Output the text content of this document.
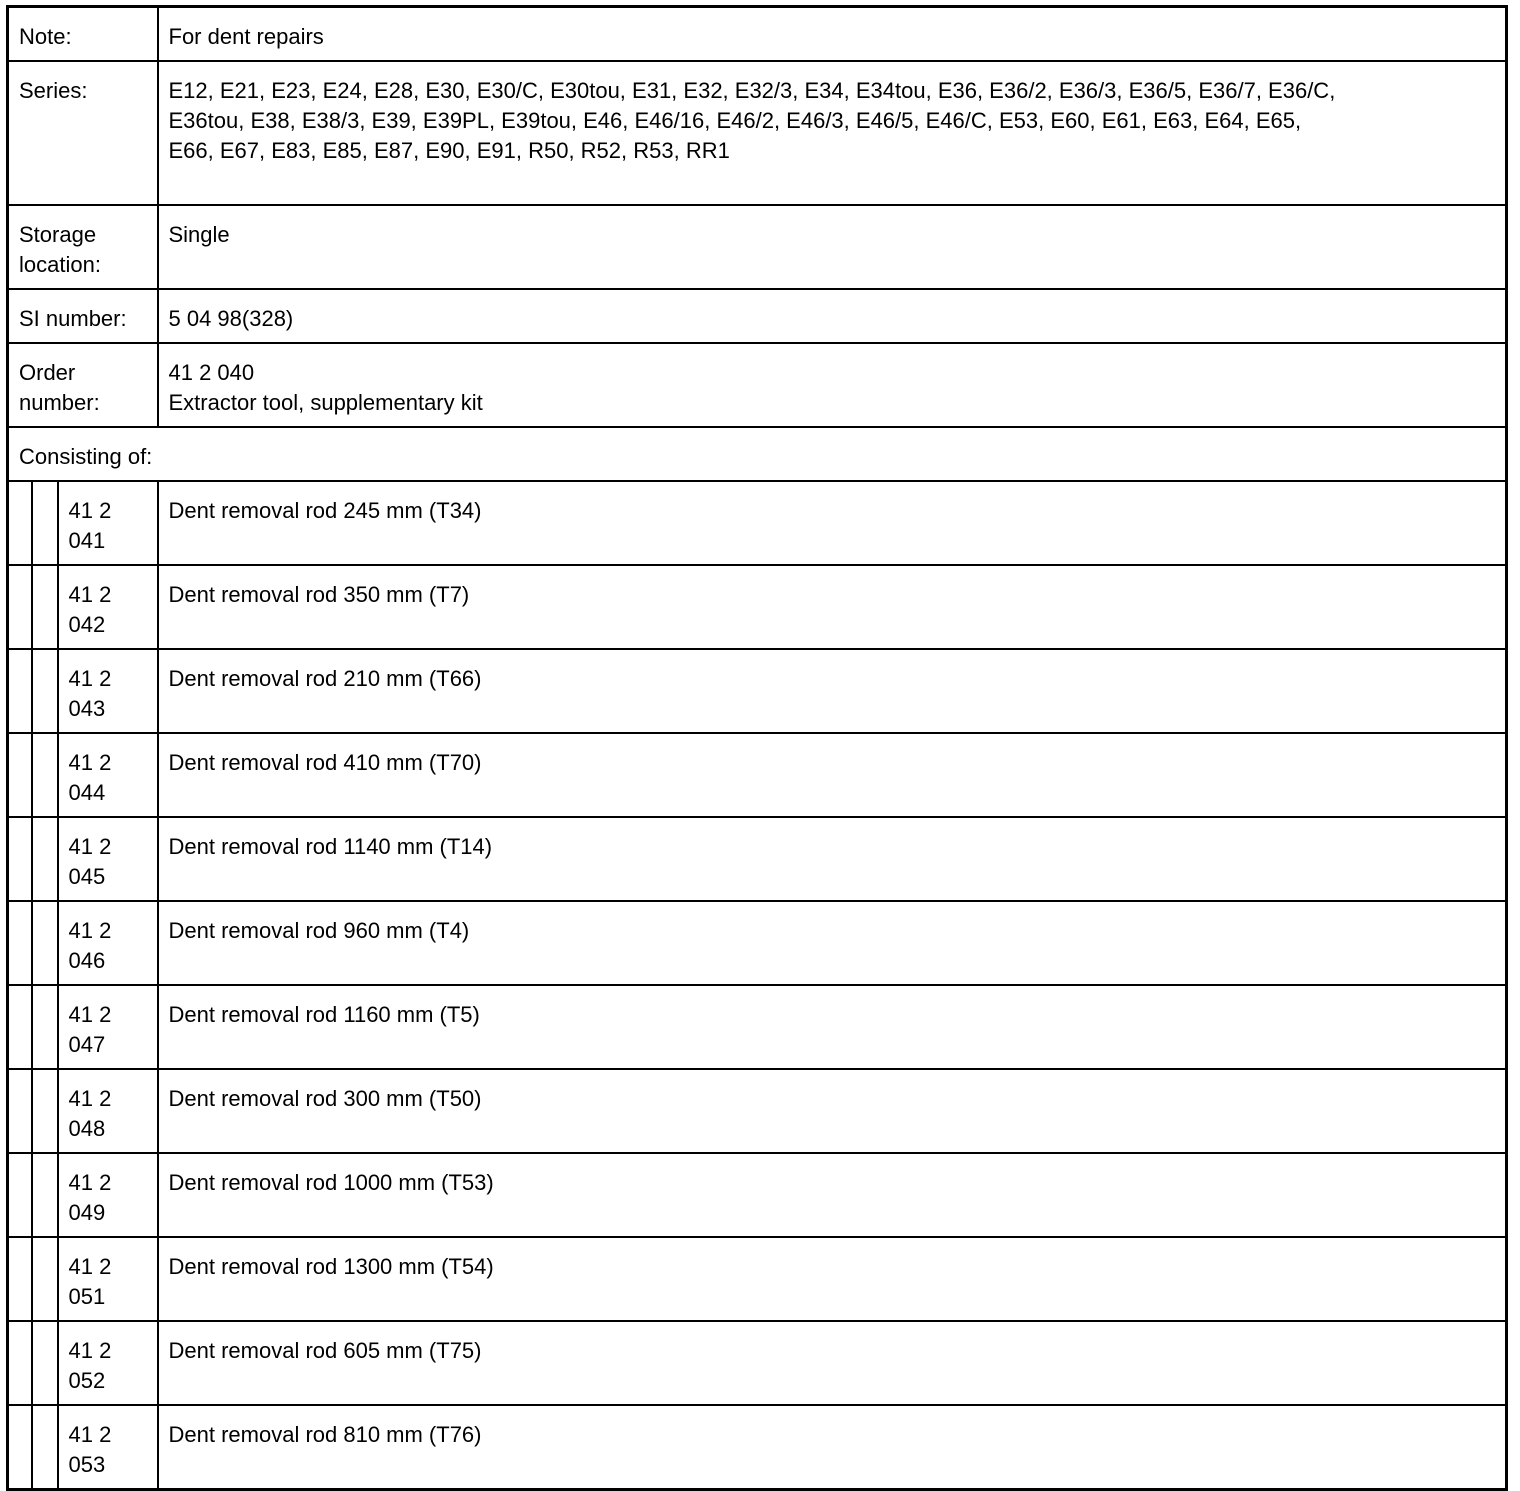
Note:			For dent repairs
Series:			E12, E21, E23, E24, E28, E30, E30/C, E30tou, E31, E32, E32/3, E34, E34tou, E36, E36/2, E36/3, E36/5, E36/7, E36/C,
E36tou, E38, E38/3, E39, E39PL, E39tou, E46, E46/16, E46/2, E46/3, E46/5, E46/C, E53, E60, E61, E63, E64, E65,
E66, E67, E83, E85, E87, E90, E91, R50, R52, R53, RR1

Storage
location:			Single
SI number:			5 04 98(328)

Order
number:			41 2 040
Extractor tool, supplementary kit

Consisting of:			

		41 2
041	Dent removal rod 245 mm (T34)

		41 2
042	Dent removal rod 350 mm (T7)

		41 2
043	Dent removal rod 210 mm (T66)

		41 2
044	Dent removal rod 410 mm (T70)

		41 2
045	Dent removal rod 1140 mm (T14)

		41 2
046	Dent removal rod 960 mm (T4)

		41 2
047	Dent removal rod 1160 mm (T5)

		41 2
048	Dent removal rod 300 mm (T50)

		41 2
049	Dent removal rod 1000 mm (T53)

		41 2
051	Dent removal rod 1300 mm (T54)

		41 2
052	Dent removal rod 605 mm (T75)

		41 2
053	Dent removal rod 810 mm (T76)
